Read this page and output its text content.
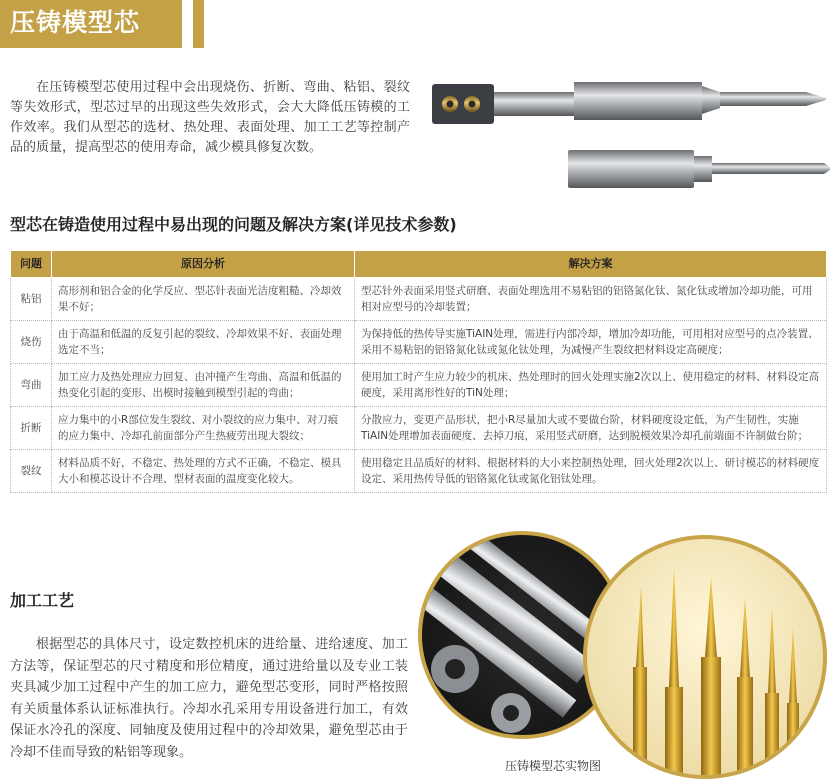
压铸模型芯

在压铸模型芯使用过程中会出现烧伤、折断、弯曲、粘铝、裂纹等失效形式，型芯过早的出现这些失效形式，会大大降低压铸模的工作效率。我们从型芯的选材、热处理、表面处理、加工工艺等控制产品的质量，提高型芯的使用寿命，减少模具修复次数。

型芯在铸造使用过程中易出现的问题及解决方案(详见技术参数)
问题	原因分析	解决方案
粘铝	高形剂和铝合金的化学反应、型芯针表面光洁度粗糙、冷却效果不好；	型芯针外表面采用竖式研磨、表面处理选用不易粘铝的铝铬氮化钛、氮化钛或增加冷却功能，可用相对应型号的冷却装置；
烧伤	由于高温和低温的反复引起的裂纹、冷却效果不好、表面处理选定不当；	为保持低的热传导实施TiAIN处理，需进行内部冷却，增加冷却功能，可用相对应型号的点冷装置、采用不易粘铝的铝铬氮化钛或氮化钛处理，为减慢产生裂纹把材料设定高硬度；
弯曲	加工应力及热处理应力回复、由冲撞产生弯曲、高温和低温的热变化引起的变形、出模时接触到模型引起的弯曲；	使用加工时产生应力较少的机床、热处理时的回火处理实施2次以上、使用稳定的材料、材料设定高硬度，采用离形性好的TiN处理；
折断	应力集中的小R部位发生裂纹、对小裂纹的应力集中、对刀痕的应力集中、冷却孔前面部分产生热疲劳出现大裂纹；	分散应力，变更产品形状，把小R尽量加大或不要做台阶，材料硬度设定低，为产生韧性，实施TiAIN处理增加表面硬度、去掉刀痕，采用竖式研磨，达到脱模效果冷却孔前端面不许制做台阶；
裂纹	材料品质不好，不稳定、热处理的方式不正确，不稳定、模具大小和模芯设计不合理、型材表面的温度变化较大。	使用稳定且品质好的材料、根据材料的大小来控制热处理，回火处理2次以上、研讨模芯的材料硬度设定、采用热传导低的铝铬氮化钛或氮化铝钛处理。
加工工艺

根据型芯的具体尺寸，设定数控机床的进给量、进给速度、加工方法等，保证型芯的尺寸精度和形位精度，通过进给量以及专业工装夹具减少加工过程中产生的加工应力，避免型芯变形，同时严格按照有关质量体系认证标准执行。冷却水孔采用专用设备进行加工，有效保证水冷孔的深度、同轴度及使用过程中的冷却效果，避免型芯由于冷却不佳而导致的粘铝等现象。

压铸模型芯实物图
